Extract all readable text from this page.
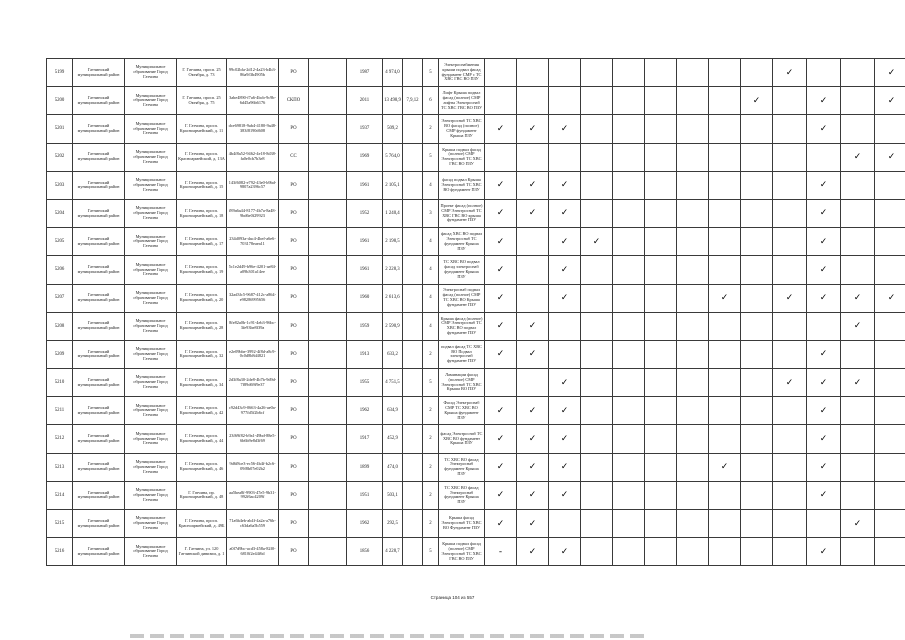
5199	Гатчинский муниципальный район	Муниципальное образование Город Гатчина	Г. Гатчина, просп. 25 Октября, д. 73	99c02bfa-2d12-4a23-b4b3-86a9f3b4905b	РО		1987	4 974,0		5	Электроснабжения крыши подвал фасад фундамент СМР с ТС ХВС ГВС ВО ПЗУ										✓			✓
5200	Гатчинский муниципальный район	Муниципальное образование Город Гатчина	Г. Гатчина, просп. 25 Октября, д. 75	3abe4890-f7a6-4bcb-9c9b-6d45a96b6176	СКПО		2011	13 498,9	7,9,12	6	Лифт Крыша подвал фасад (полное) СМР лифты Электроснаб ТС ХВС ГВС ВО ПЗУ									✓		✓		✓
5201	Гатчинский муниципальный район	Муниципальное образование Город Гатчина	Г. Гатчина, просп. Красноармейский, д. 11	dce69818-9ab4-4180-9a48-383f8190d608	РО		1937	509,2		2	Электроснаб ТС ХВС ВО фасад (полное) СМР фундамент Крыша ПЗУ	✓	✓	✓								✓		
5202	Гатчинский муниципальный район	Муниципальное образование Город Гатчина	Г. Гатчина, просп. Красноармейский, д. 13А	4b4f8a52-9462-4e18-8d38-fa0e0cb7b3e8	СС		1969	5 764,0		5	Крыша подвал фасад (полное) СМР Электроснаб ТС ХВС ГВС ВО ПЗУ												✓	✓
5203	Гатчинский муниципальный район	Муниципальное образование Город Гатчина	Г. Гатчина, просп. Красноармейский, д. 15	143f6082-e792-43e0-b9bd-9807a2396c57	РО		1961	2 105,1		4	фасад подвал Крыша Электроснаб ТС ХВС ВО фундамент ПЗУ	✓	✓	✓								✓		
5204	Гатчинский муниципальный район	Муниципальное образование Город Гатчина	Г. Гатчина, просп. Красноармейский, д. 18	f89a6a44-8177-4b7a-8a48-9bd6e0f29923	РО		1952	1 240,4		3	Проект фасад (полное) СМР Электроснаб ТС ХВС ГВС ВО крыша фундамент ПЗУ	✓	✓	✓								✓		
5205	Гатчинский муниципальный район	Муниципальное образование Город Гатчина	Г. Гатчина, просп. Красноармейский, д. 17	234d093a-dac4-4bef-a6e6-703178eaea11	РО		1961	2 198,5		4	фасад ХВС ВО подвал Электроснаб ТС фундамент Крыша ПЗУ	✓		✓	✓							✓		
5206	Гатчинский муниципальный район	Муниципальное образование Город Гатчина	Г. Гатчина, просп. Красноармейский, д. 19	5c1e2d49-b96e-4201-ae84-a09b301a14ee	РО		1961	2 228,3		4	ТС ХВС ВО подвал фасад электроснаб фундамент Крыша ПЗУ	✓		✓								✓		
5207	Гатчинский муниципальный район	Муниципальное образование Город Гатчина	Г. Гатчина, просп. Красноармейский, д. 20	32ad3fc5-9687-412c-a864-e98286995656	РО		1960	2 613,6		4	Электроснаб подвал фасад (полное) СМР ТС ХВС ВО Крыша фундамент ПЗУ	✓		✓					✓		✓	✓	✓	✓
5208	Гатчинский муниципальный район	Муниципальное образование Город Гатчина	Г. Гатчина, просп. Красноармейский, д. 28	8fe82a0b-1c91-4eb3-96bc-3fe93be8f39a	РО		1959	2 590,9		4	Крыша фасад (полное) СМР Электроснаб ТС ХВС ВО подвал фундамент ПЗУ	✓	✓										✓	
5209	Гатчинский муниципальный район	Муниципальное образование Город Гатчина	Г. Гатчина, просп. Красноармейский, д. 32	e2e09bbe-3992-4f8d-a8c9-0c0d8b8d4821	РО		1913	633,2		2	подвал фасад ТС ХВС ВО Подвал электроснаб фундамент ПЗУ	✓	✓									✓		
5210	Гатчинский муниципальный район	Муниципальное образование Город Гатчина	Г. Гатчина, просп. Красноармейский, д. 34	2d3f8a30-2de8-4b7b-9d9d-7f89d69f9e37	РО		1955	4 751,5		5	Ламинации фасад (полное) СМР Электроснаб ТС ХВС Крыша ВО ПЗУ			✓							✓	✓	✓	
5211	Гатчинский муниципальный район	Муниципальное образование Город Гатчина	Г. Гатчина, просп. Красноармейский, д. 42	c92d43c9-0663-4a26-ae0a-977fd5f2b6cf	РО		1962	634,9		2	Фасад Электроснаб СМР ТС ХВС ВО Крыша фундамент ПЗУ	✓	✓	✓								✓		
5212	Гатчинский муниципальный район	Муниципальное образование Город Гатчина	Г. Гатчина, просп. Красноармейский, д. 44	23f69f82-b9a1-49bd-88e5-6b6b9e8d3f69	РО		1917	452,9		2	фасад Электроснаб ТС ХВС ВО фундамент Крыша ПЗУ	✓	✓	✓								✓		
5213	Гатчинский муниципальный район	Муниципальное образование Город Гатчина	Г. Гатчина, просп. Красноармейский, д. 46	9d6f8ce3-ec56-4b4f-b2c6-09f8b07e02b2	РО		1899	474,0		2	ТС ХВС ВО фасад Электроснаб фундамент Крыша ПЗУ	✓	✓	✓					✓			✓		
5214	Гатчинский муниципальный район	Муниципальное образование Город Гатчина	Г. Гатчина, пр. Красноармейский, д. 48	aa5bea8f-9903-47e5-9b31-992f6ac4209f	РО		1951	503,1		2	ТС ХВС ВО фасад Электроснаб фундамент Крыша ПЗУ	✓	✓	✓								✓		
5215	Гатчинский муниципальный район	Муниципальное образование Город Гатчина	Г. Гатчина, просп. Красноармейский, д. 49Б	71a6b4eb-ab4f-4a2a-a76b-c63da6a5b559	РО		1962	292,5		2	Крыша фасад Электроснаб ТС ХВС ВО Фундамент ПЗУ	✓	✓										✓	
5216	Гатчинский муниципальный район	Муниципальное образование Город Гатчина	Г. Гатчина, ул. 120 Гатчинской дивизии, д. 1	a0f7d9bc-acd3-458a-82f0-6810f2e44f6d	РО		1856	4 228,7		5	Крыша подвал фасад (полное) СМР Электроснаб ТС ХВС ГВС ВО ПЗУ	-	✓	✓								✓		
Страница 104 из 557
